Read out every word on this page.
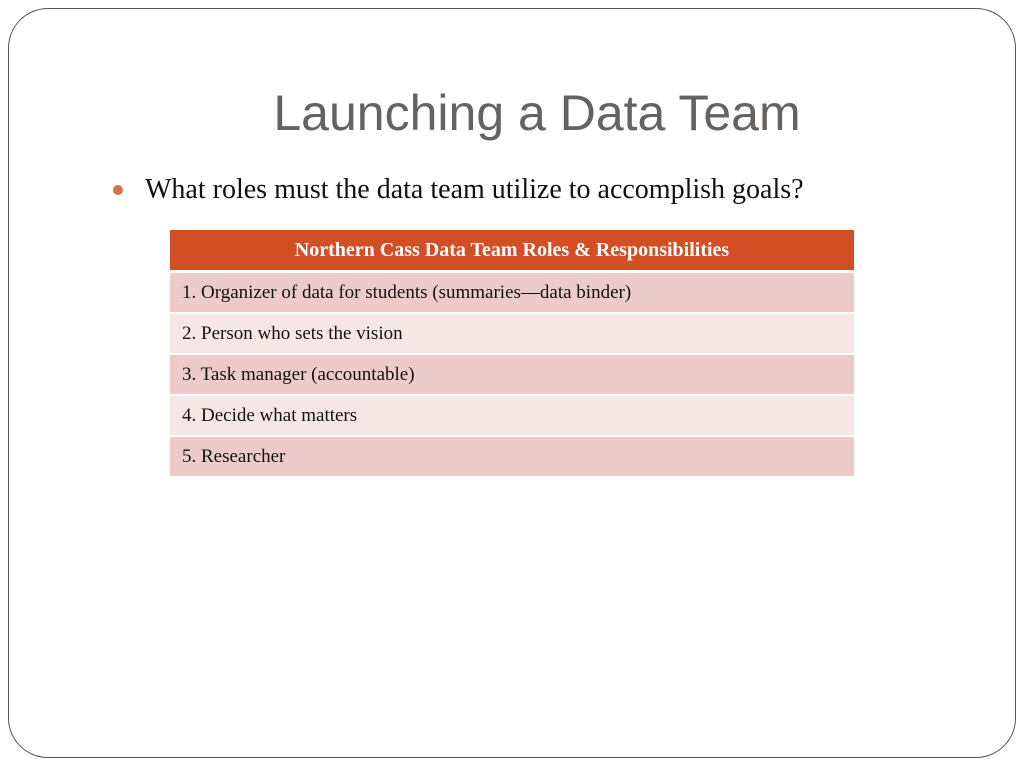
Launching a Data Team
What roles must the data team utilize to accomplish goals?
Northern Cass Data Team Roles & Responsibilities
1. Organizer of data for students (summaries—data binder)
2. Person who sets the vision
3. Task manager (accountable)
4. Decide what matters
5. Researcher
